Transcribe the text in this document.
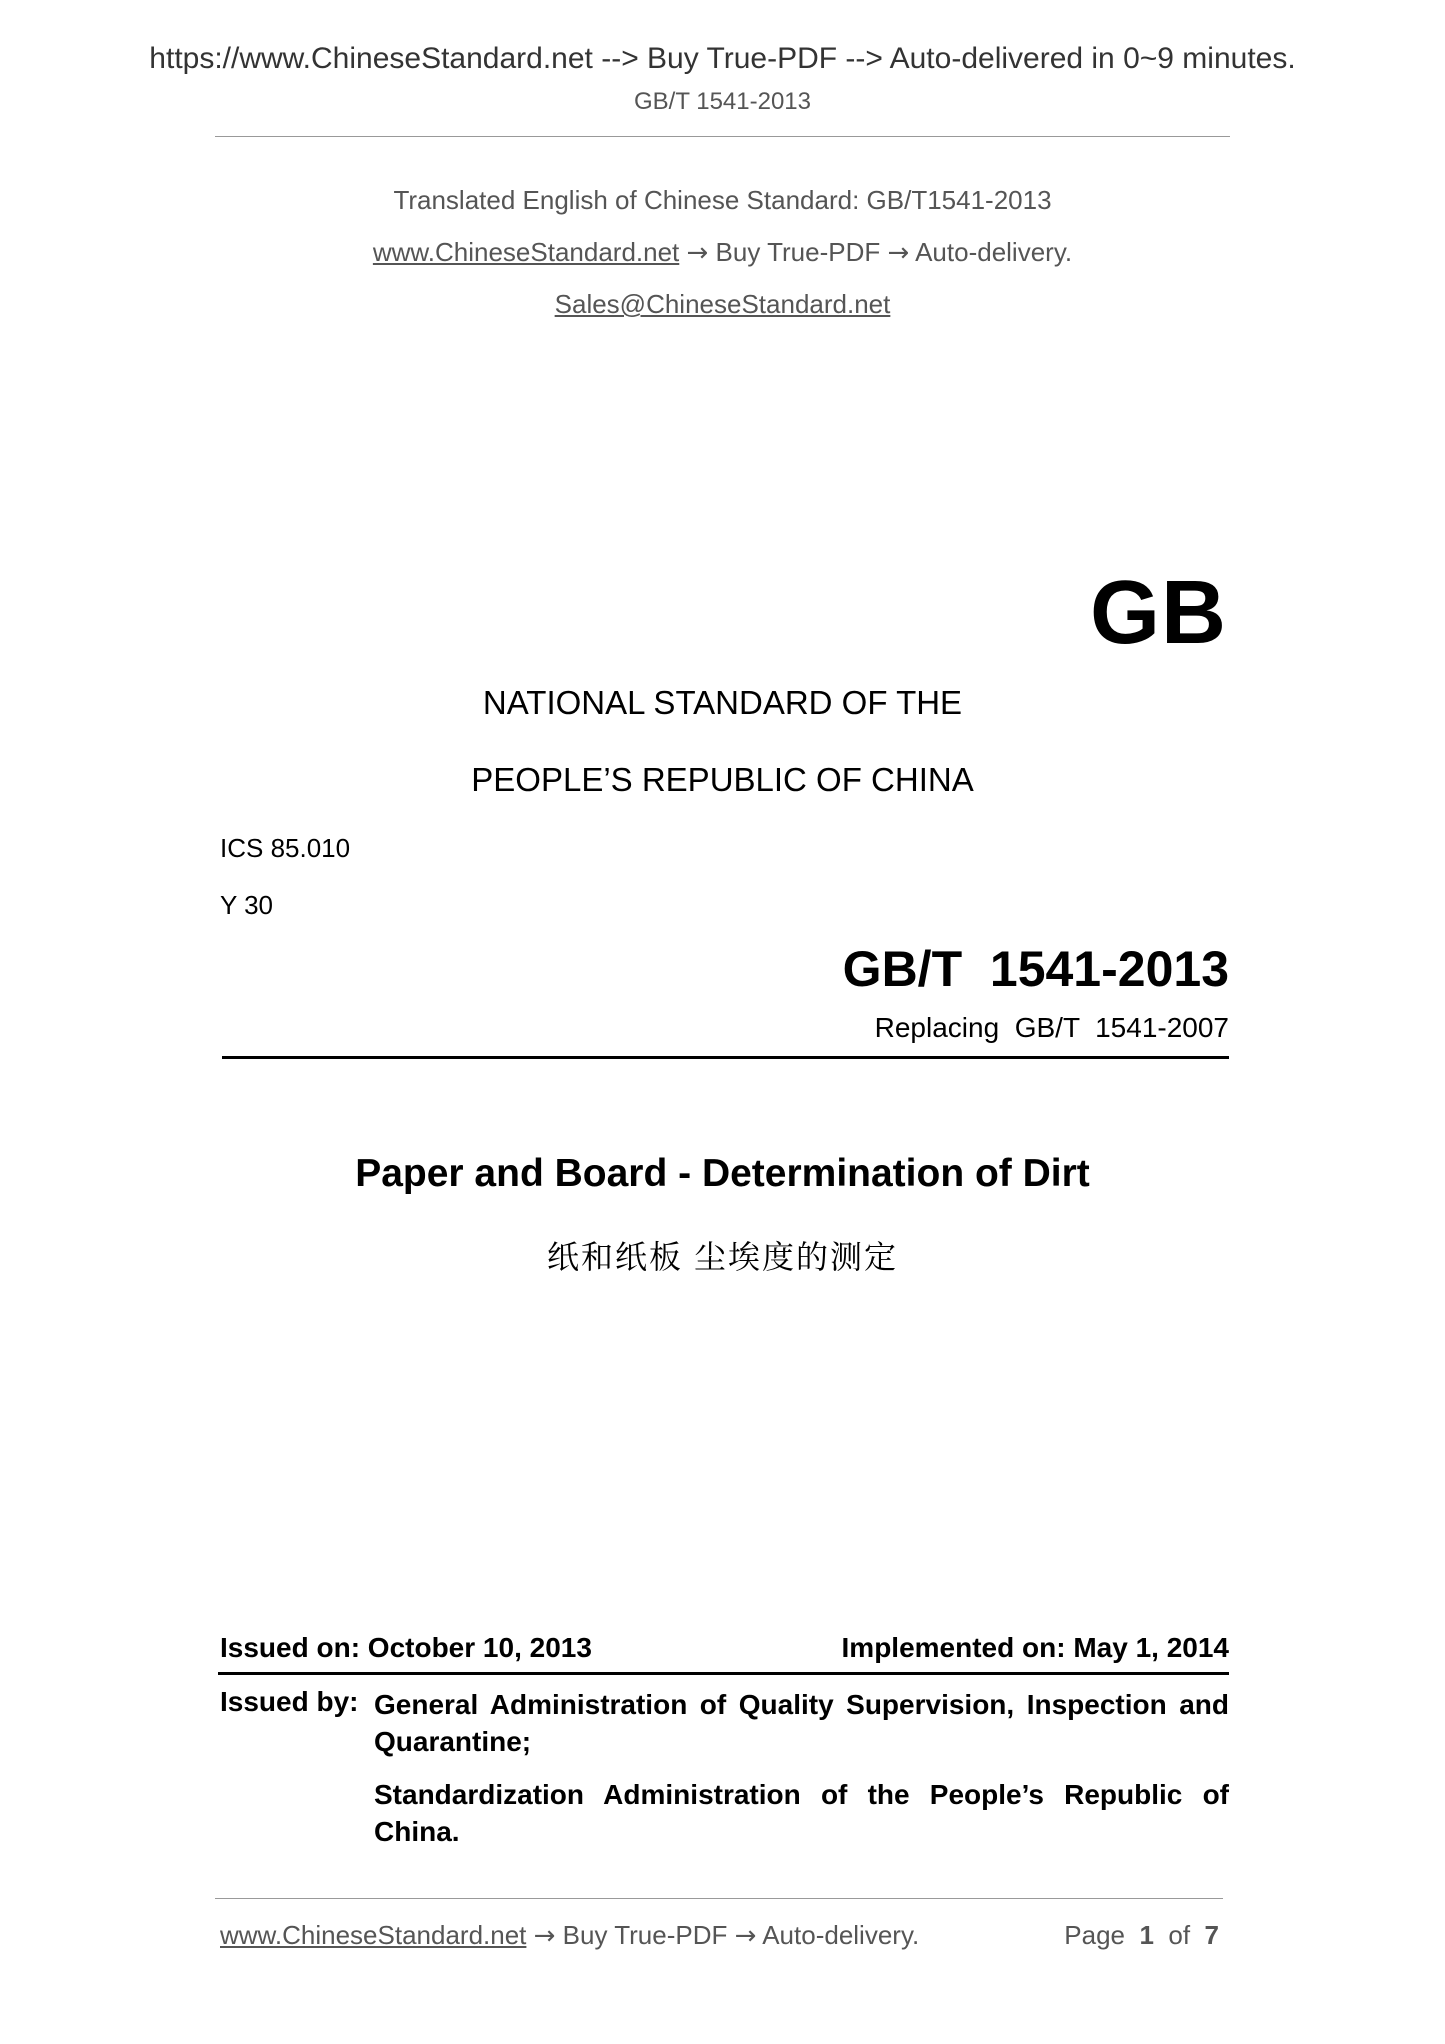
https://www.ChineseStandard.net --> Buy True-PDF --> Auto-delivered in 0~9 minutes.
GB/T 1541-2013
Translated English of Chinese Standard: GB/T1541-2013
www.ChineseStandard.net → Buy True-PDF → Auto-delivery.
Sales@ChineseStandard.net
GB
NATIONAL STANDARD OF THE
PEOPLE’S REPUBLIC OF CHINA
ICS 85.010
Y 30
GB/T  1541-2013
Replacing  GB/T  1541-2007
Paper and Board - Determination of Dirt
纸和纸板 尘埃度的测定
Issued on: October 10, 2013	Implemented on: May 1, 2014
Issued by: General Administration of Quality Supervision, Inspection and Quarantine;
Standardization Administration of the People’s Republic of China.
www.ChineseStandard.net → Buy True-PDF → Auto-delivery.	Page 1 of 7
